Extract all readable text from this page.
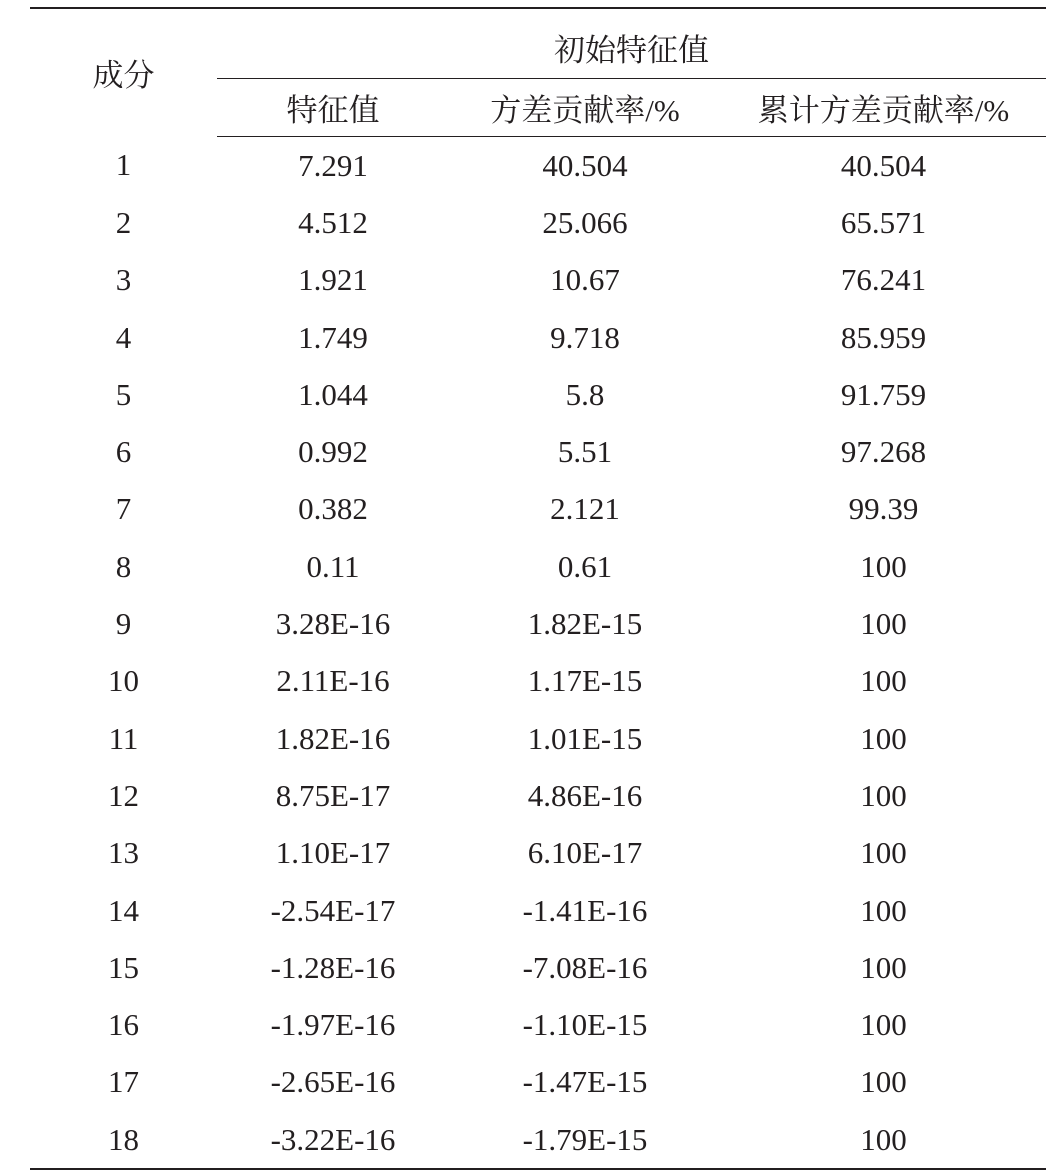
成分	初始特征值		
	特征值	方差贡献率/%	累计方差贡献率/%
1	7.291	40.504	40.504
2	4.512	25.066	65.571
3	1.921	10.67	76.241
4	1.749	9.718	85.959
5	1.044	5.8	91.759
6	0.992	5.51	97.268
7	0.382	2.121	99.39
8	0.11	0.61	100
9	3.28E-16	1.82E-15	100
10	2.11E-16	1.17E-15	100
11	1.82E-16	1.01E-15	100
12	8.75E-17	4.86E-16	100
13	1.10E-17	6.10E-17	100
14	-2.54E-17	-1.41E-16	100
15	-1.28E-16	-7.08E-16	100
16	-1.97E-16	-1.10E-15	100
17	-2.65E-16	-1.47E-15	100
18	-3.22E-16	-1.79E-15	100
